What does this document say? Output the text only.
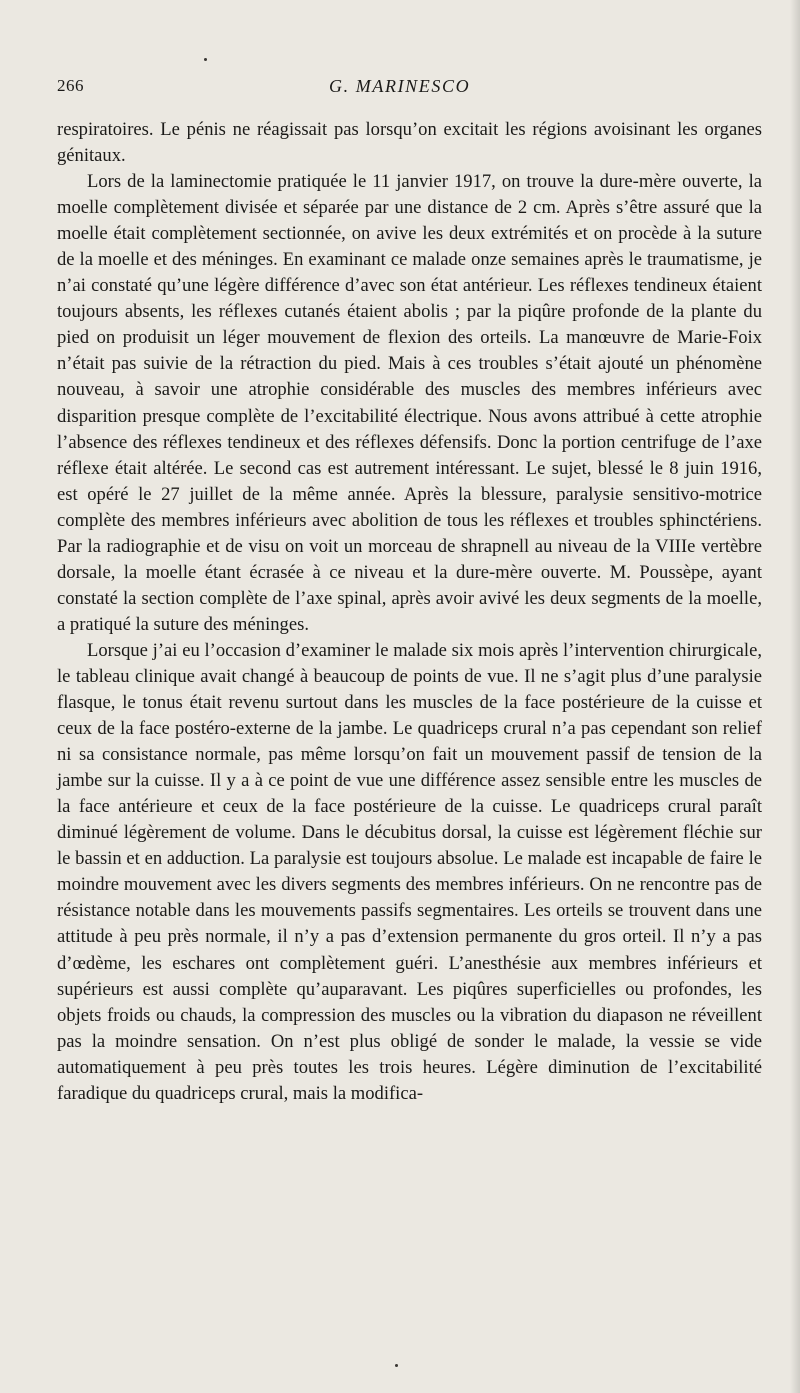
266	G. MARINESCO

respiratoires. Le pénis ne réagissait pas lorsqu’on excitait les régions avoisinant les organes génitaux.

Lors de la laminectomie pratiquée le 11 janvier 1917, on trouve la dure-mère ouverte, la moelle complètement divisée et séparée par une distance de 2 cm. Après s’être assuré que la moelle était complètement sectionnée, on avive les deux extrémités et on procède à la suture de la moelle et des méninges. En examinant ce malade onze semaines après le traumatisme, je n’ai constaté qu’une légère différence d’avec son état antérieur. Les réflexes tendineux étaient toujours absents, les réflexes cutanés étaient abolis ; par la piqûre profonde de la plante du pied on produisit un léger mouvement de flexion des orteils. La manœuvre de Marie-Foix n’était pas suivie de la rétraction du pied. Mais à ces troubles s’était ajouté un phénomène nouveau, à savoir une atrophie considérable des muscles des membres inférieurs avec disparition presque complète de l’excitabilité électrique. Nous avons attribué à cette atrophie l’absence des réflexes tendineux et des réflexes défensifs. Donc la portion centrifuge de l’axe réflexe était altérée. Le second cas est autrement intéressant. Le sujet, blessé le 8 juin 1916, est opéré le 27 juillet de la même année. Après la blessure, paralysie sensitivo-motrice complète des membres inférieurs avec abolition de tous les réflexes et troubles sphinctériens. Par la radiographie et de visu on voit un morceau de shrapnell au niveau de la VIIIe vertèbre dorsale, la moelle étant écrasée à ce niveau et la dure-mère ouverte. M. Poussèpe, ayant constaté la section complète de l’axe spinal, après avoir avivé les deux segments de la moelle, a pratiqué la suture des méninges.

Lorsque j’ai eu l’occasion d’examiner le malade six mois après l’intervention chirurgicale, le tableau clinique avait changé à beaucoup de points de vue. Il ne s’agit plus d’une paralysie flasque, le tonus était revenu surtout dans les muscles de la face postérieure de la cuisse et ceux de la face postéro-externe de la jambe. Le quadriceps crural n’a pas cependant son relief ni sa consistance normale, pas même lorsqu’on fait un mouvement passif de tension de la jambe sur la cuisse. Il y a à ce point de vue une différence assez sensible entre les muscles de la face antérieure et ceux de la face postérieure de la cuisse. Le quadriceps crural paraît diminué légèrement de volume. Dans le décubitus dorsal, la cuisse est légèrement fléchie sur le bassin et en adduction. La paralysie est toujours absolue. Le malade est incapable de faire le moindre mouvement avec les divers segments des membres inférieurs. On ne rencontre pas de résistance notable dans les mouvements passifs segmentaires. Les orteils se trouvent dans une attitude à peu près normale, il n’y a pas d’extension permanente du gros orteil. Il n’y a pas d’œdème, les eschares ont complètement guéri. L’anesthésie aux membres inférieurs et supérieurs est aussi complète qu’auparavant. Les piqûres superficielles ou profondes, les objets froids ou chauds, la compression des muscles ou la vibration du diapason ne réveillent pas la moindre sensation. On n’est plus obligé de sonder le malade, la vessie se vide automatiquement à peu près toutes les trois heures. Légère diminution de l’excitabilité faradique du quadriceps crural, mais la modifica-
